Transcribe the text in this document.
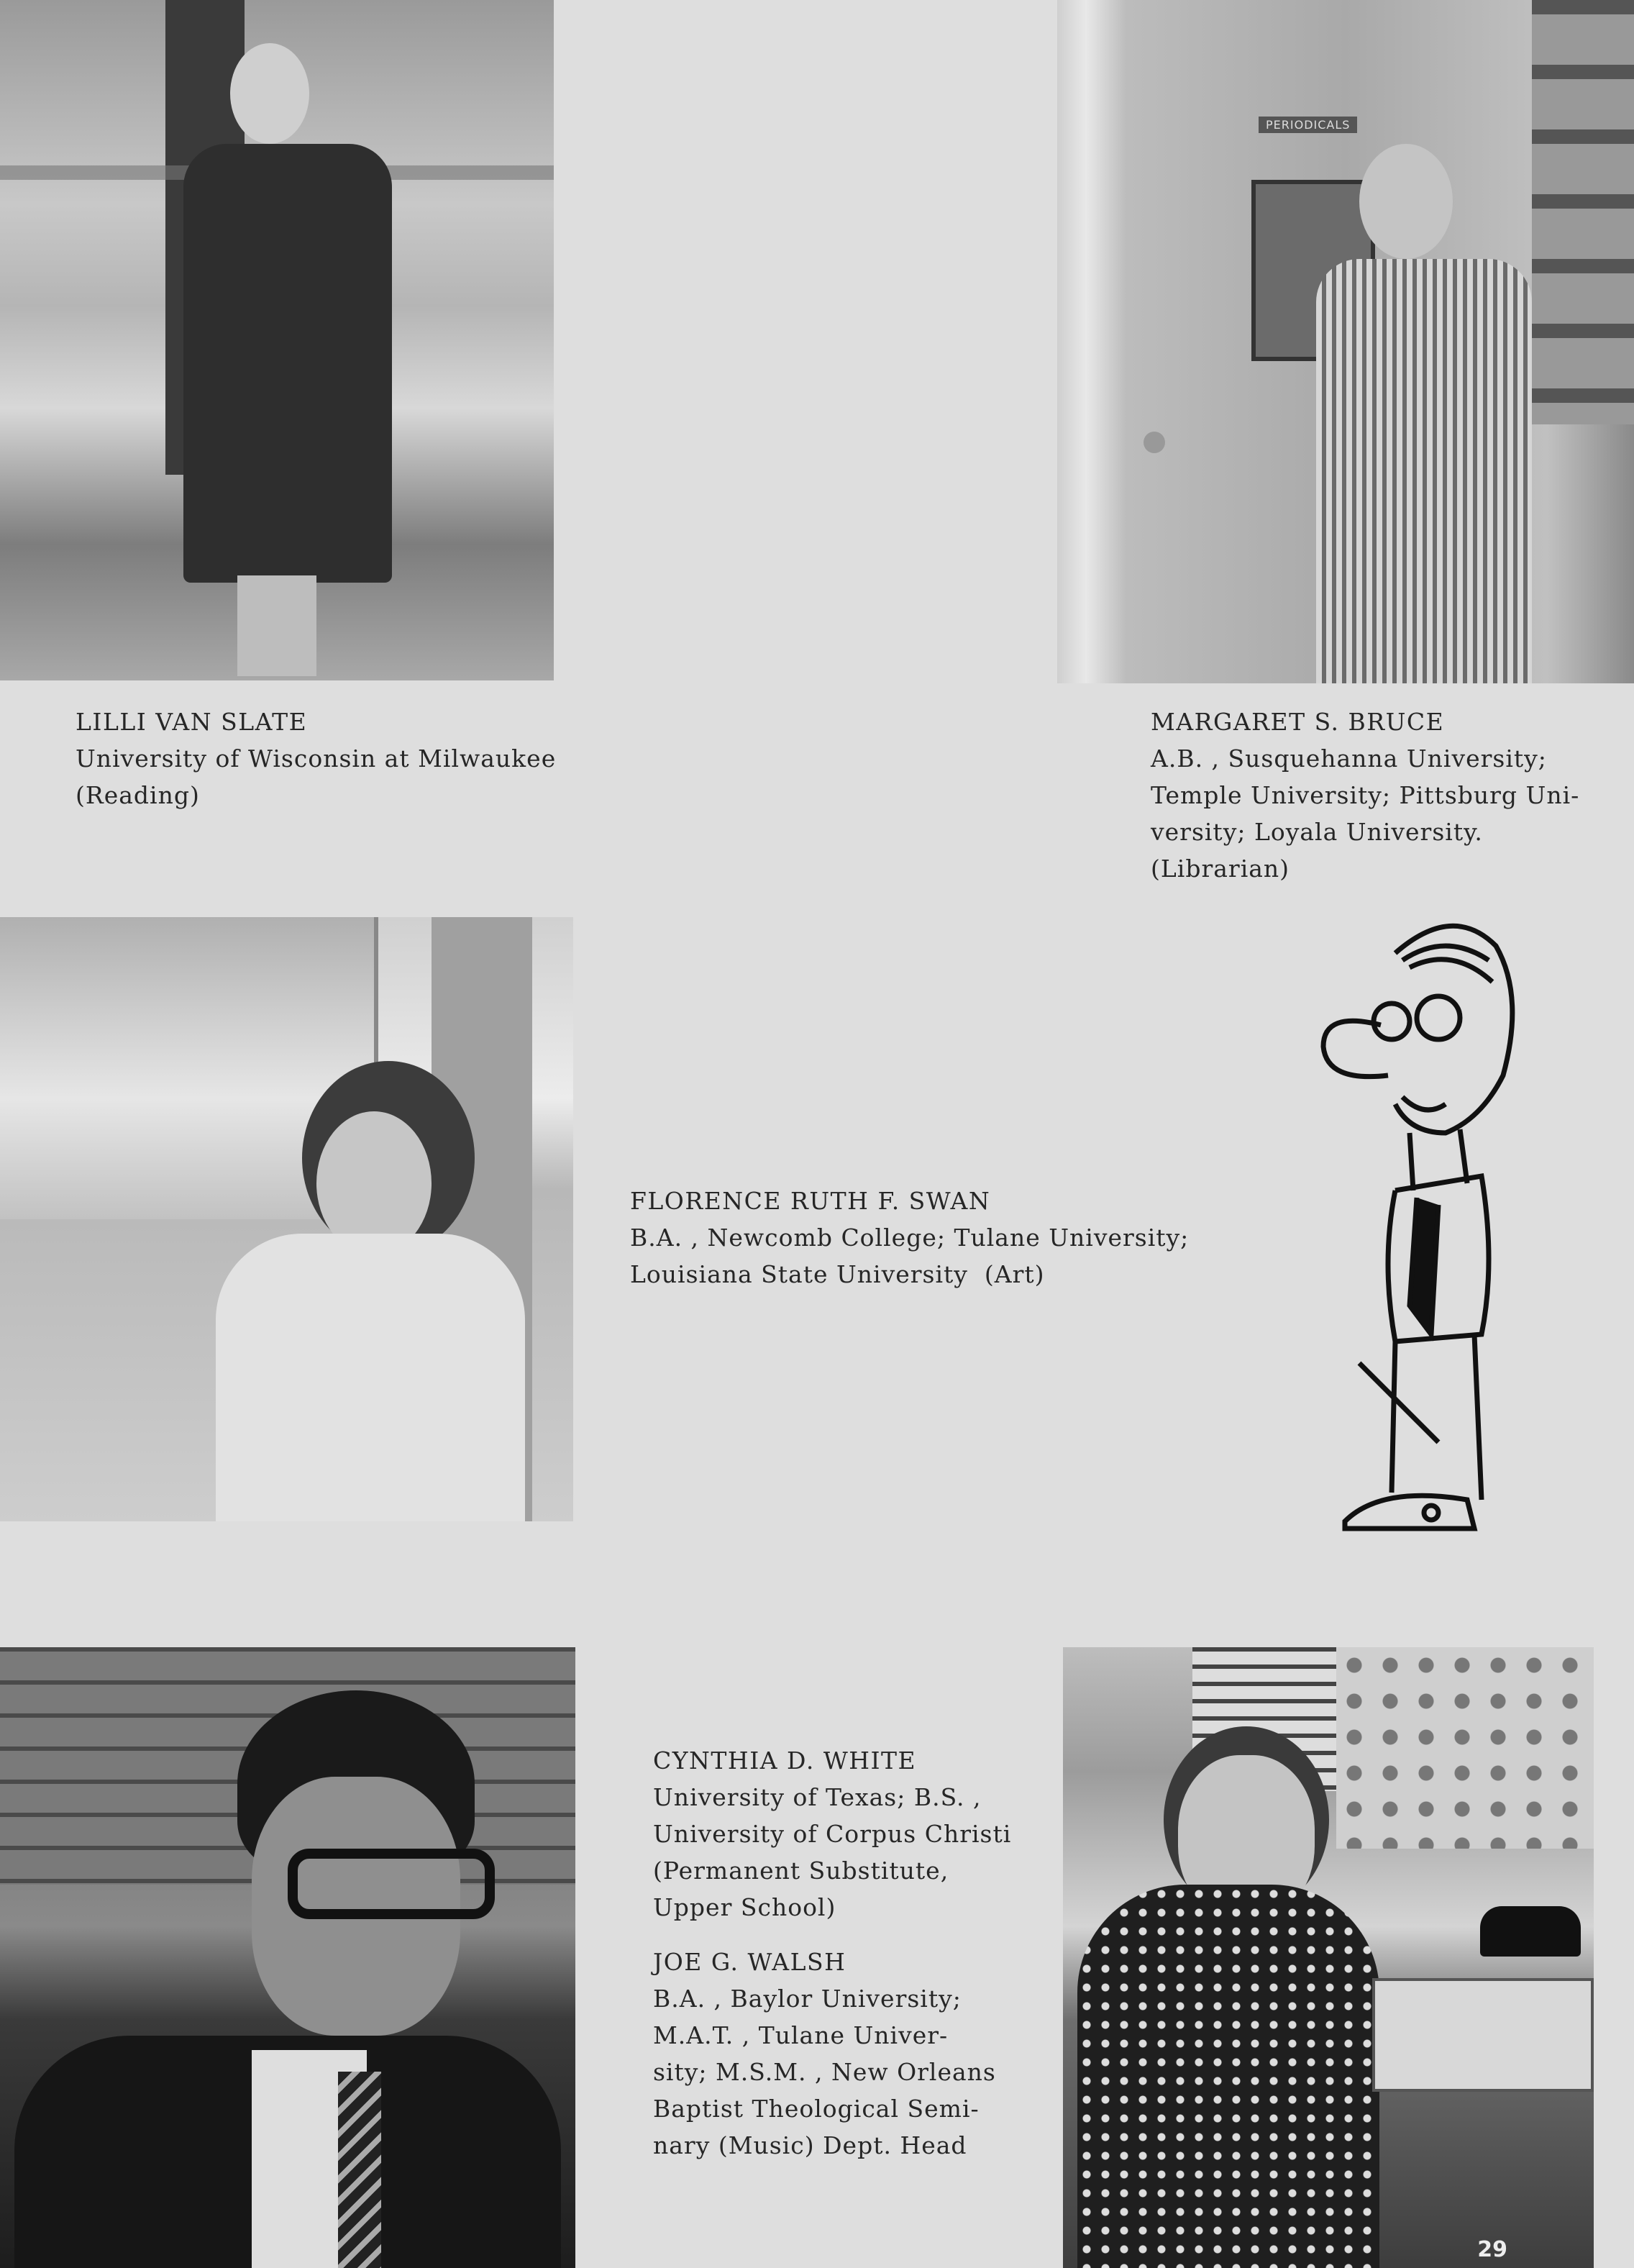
LILLI VAN SLATE
University of Wisconsin at Milwaukee
(Reading)
PERIODICALS
MARGARET S. BRUCE
A.B. , Susquehanna University;
Temple University; Pittsburg Uni-
versity; Loyala University.
(Librarian)
FLORENCE RUTH F. SWAN
B.A. , Newcomb College; Tulane University;
Louisiana State University  (Art)
CYNTHIA D. WHITE
University of Texas; B.S. ,
University of Corpus Christi
(Permanent Substitute,
Upper School)
JOE G. WALSH
B.A. , Baylor University;
M.A.T. , Tulane Univer-
sity; M.S.M. , New Orleans
Baptist Theological Semi-
nary (Music) Dept. Head
29
